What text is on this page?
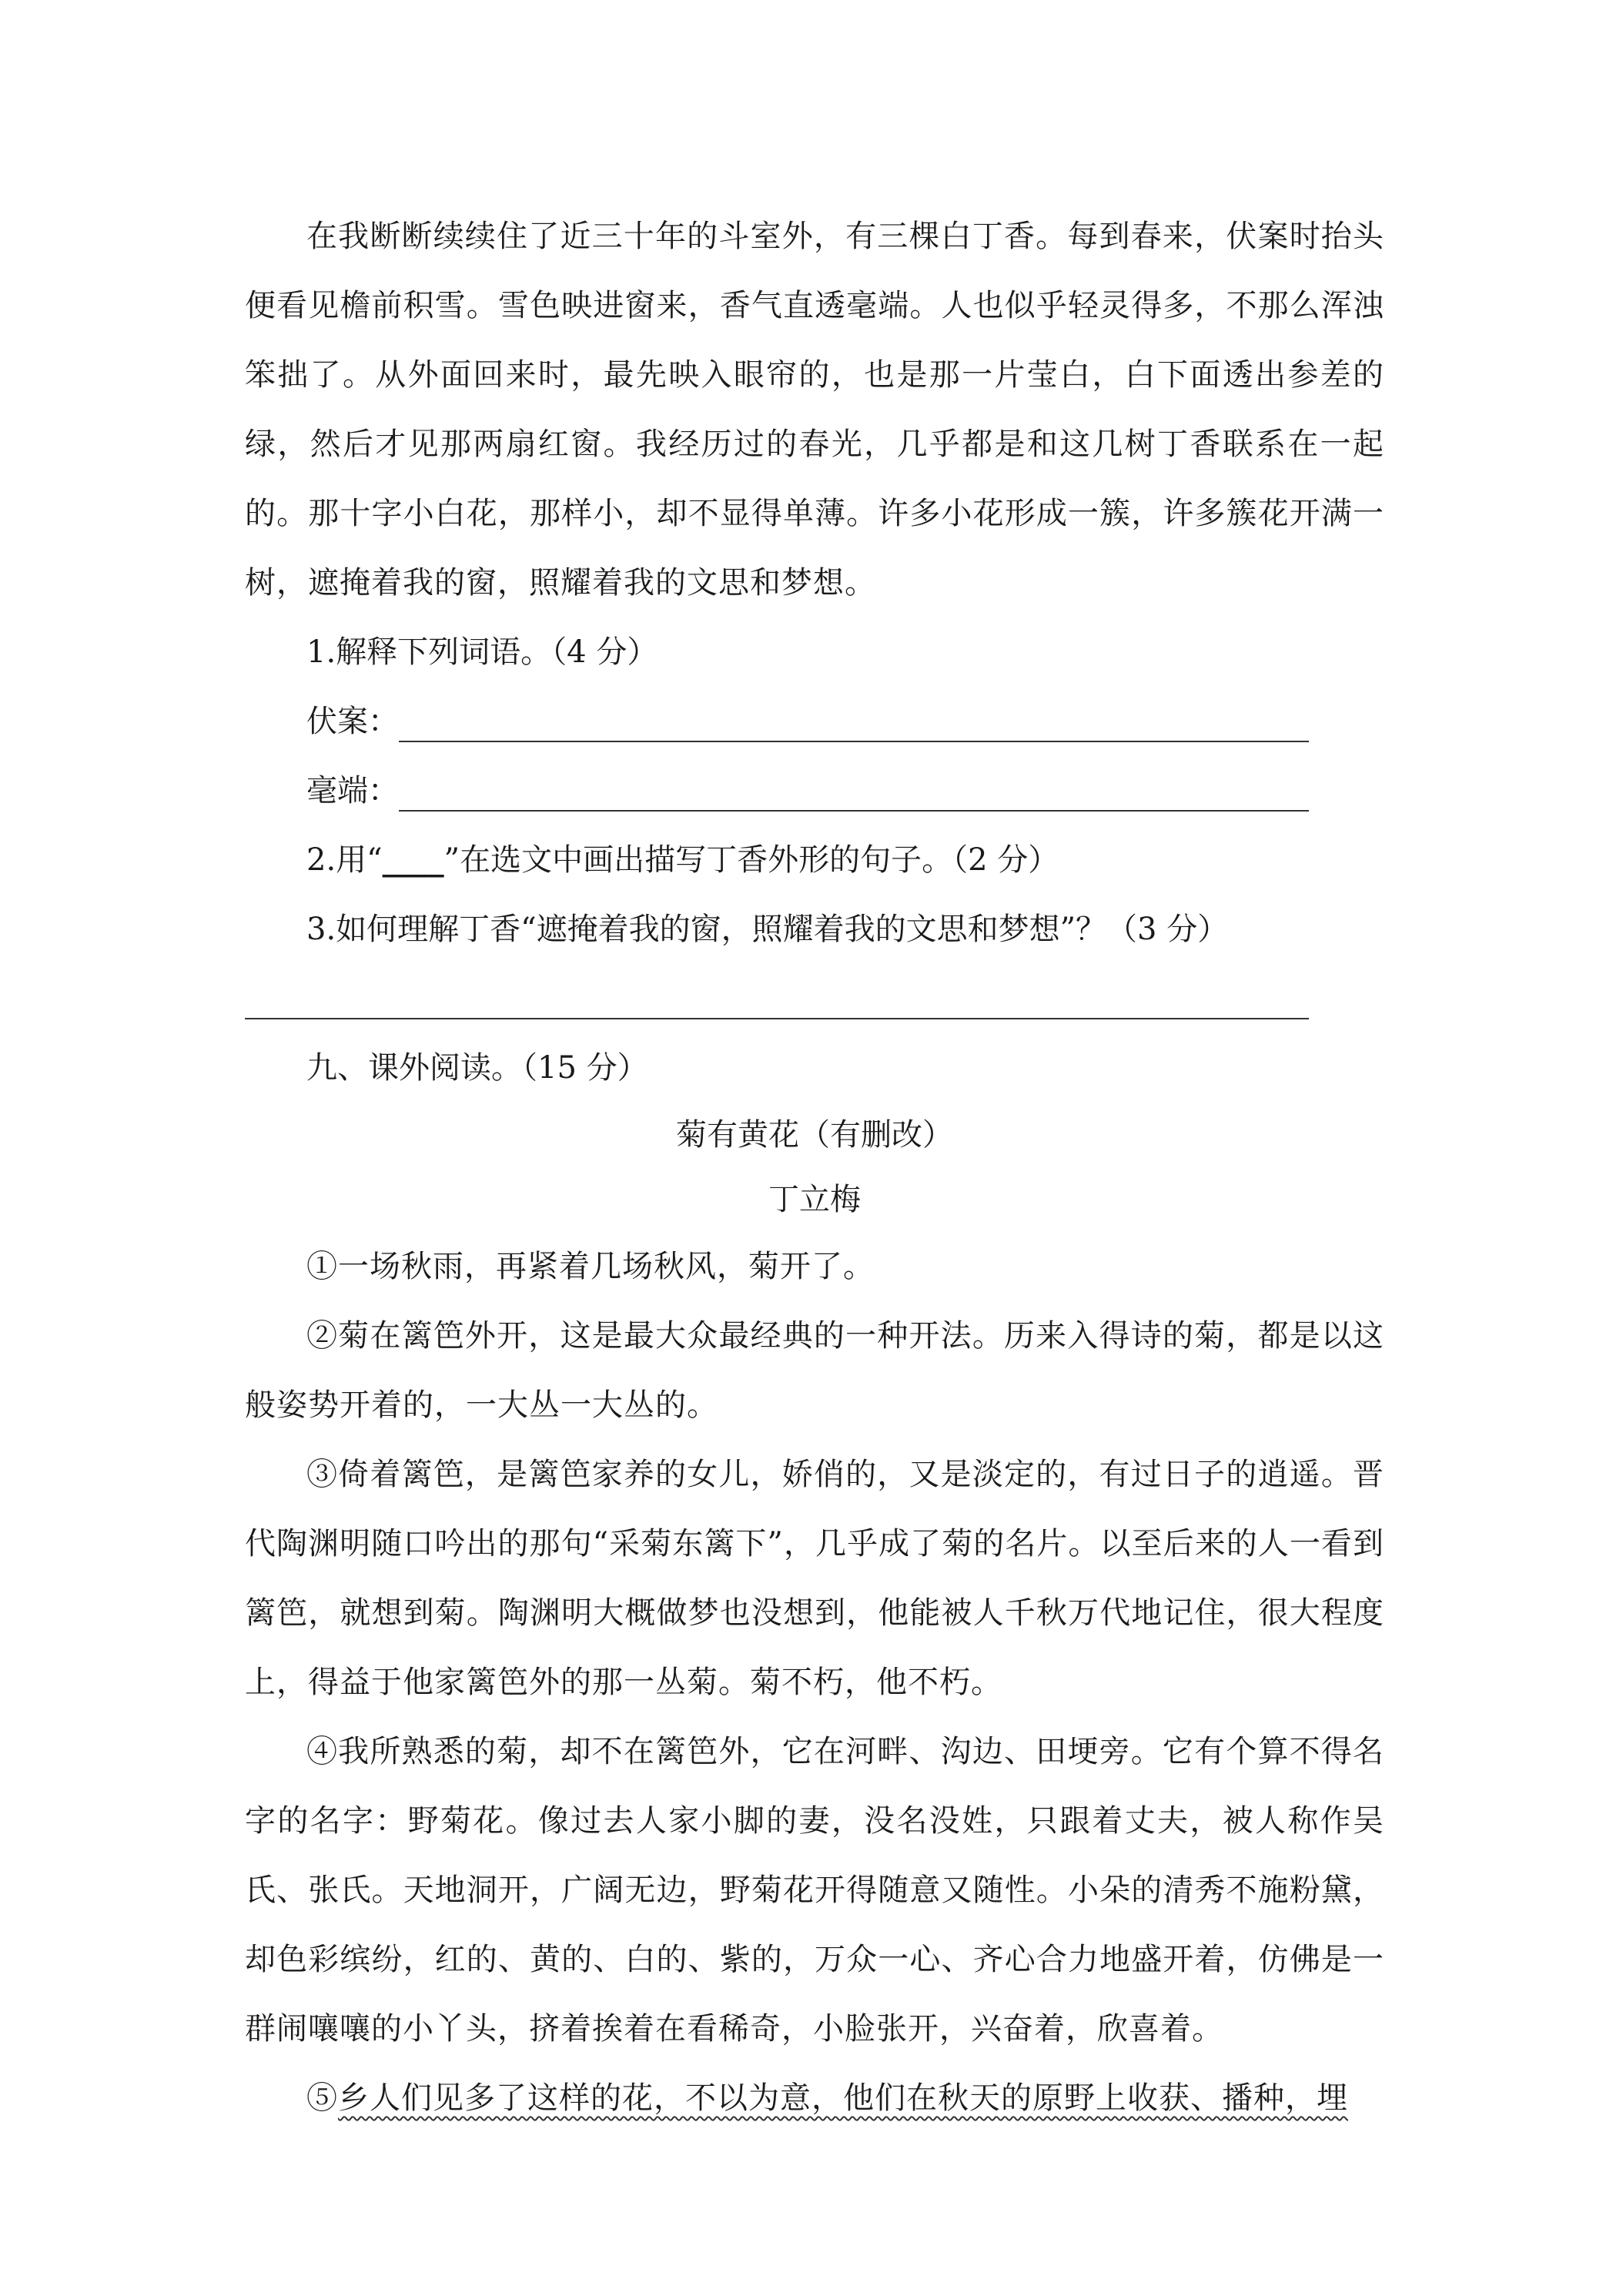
在我断断续续住了近三十年的斗室外，有三棵白丁香。每到春来，伏案时抬头便看见檐前积雪。雪色映进窗来，香气直透毫端。人也似乎轻灵得多，不那么浑浊笨拙了。从外面回来时，最先映入眼帘的，也是那一片莹白，白下面透出参差的绿，然后才见那两扇红窗。我经历过的春光，几乎都是和这几树丁香联系在一起的。那十字小白花，那样小，却不显得单薄。许多小花形成一簇，许多簇花开满一树，遮掩着我的窗，照耀着我的文思和梦想。

1.解释下列词语。（4 分）

伏案：
毫端：

2.用“____”在选文中画出描写丁香外形的句子。（2 分）

3.如何理解丁香“遮掩着我的窗，照耀着我的文思和梦想”？（3 分）

九、课外阅读。（15 分）

菊有黄花（有删改）

丁立梅

①一场秋雨，再紧着几场秋风，菊开了。

②菊在篱笆外开，这是最大众最经典的一种开法。历来入得诗的菊，都是以这般姿势开着的，一大丛一大丛的。

③倚着篱笆，是篱笆家养的女儿，娇俏的，又是淡定的，有过日子的逍遥。晋代陶渊明随口吟出的那句“采菊东篱下”，几乎成了菊的名片。以至后来的人一看到篱笆，就想到菊。陶渊明大概做梦也没想到，他能被人千秋万代地记住，很大程度上，得益于他家篱笆外的那一丛菊。菊不朽，他不朽。

④我所熟悉的菊，却不在篱笆外，它在河畔、沟边、田埂旁。它有个算不得名字的名字：野菊花。像过去人家小脚的妻，没名没姓，只跟着丈夫，被人称作吴氏、张氏。天地洞开，广阔无边，野菊花开得随意又随性。小朵的清秀不施粉黛，却色彩缤纷，红的、黄的、白的、紫的，万众一心、齐心合力地盛开着，仿佛是一群闹嚷嚷的小丫头，挤着挨着在看稀奇，小脸张开，兴奋着，欣喜着。

⑤乡人们见多了这样的花，不以为意，他们在秋天的原野上收获、播种，埋
